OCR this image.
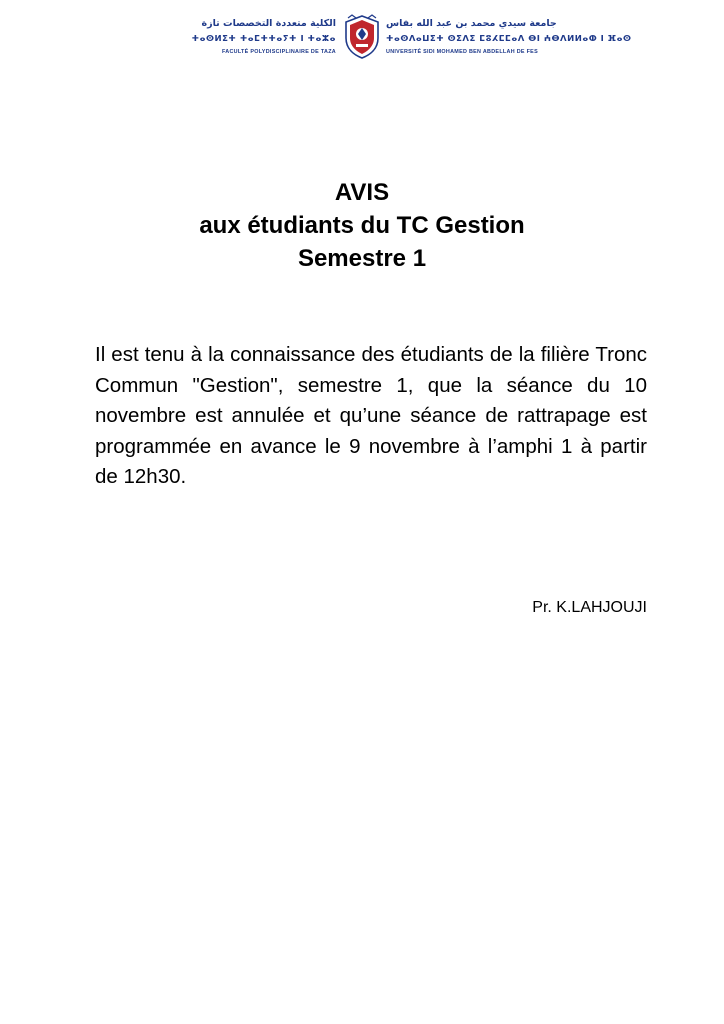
الكلية متعددة التخصصات تازة
ⵜⴰⵙⵍⵉⵜ ⵜⴰⵎⵜⵜⴰⵢⵜ ⵏ ⵜⴰⵣⴰ
FACULTÉ POLYDISCIPLINAIRE DE TAZA
جامعة سيدي محمد بن عبد الله بفاس
ⵜⴰⵙⴷⴰⵡⵉⵜ ⵙⵉⴷⵉ ⵎⵓⵃⵎⵎⴰⴷ ⴱⵏ ⵄⴱⴷⵍⵍⴰⵀ ⵏ ⴼⴰⵙ
UNIVERSITÉ SIDI MOHAMED BEN ABDELLAH DE FES
AVIS
aux étudiants du TC Gestion
Semestre 1
Il est tenu à la connaissance des étudiants de la filière Tronc Commun "Gestion", semestre 1, que la séance du 10 novembre est annulée et qu’une séance de rattrapage est programmée en avance le 9 novembre à l’amphi 1 à partir de 12h30.
Pr. K.LAHJOUJI
